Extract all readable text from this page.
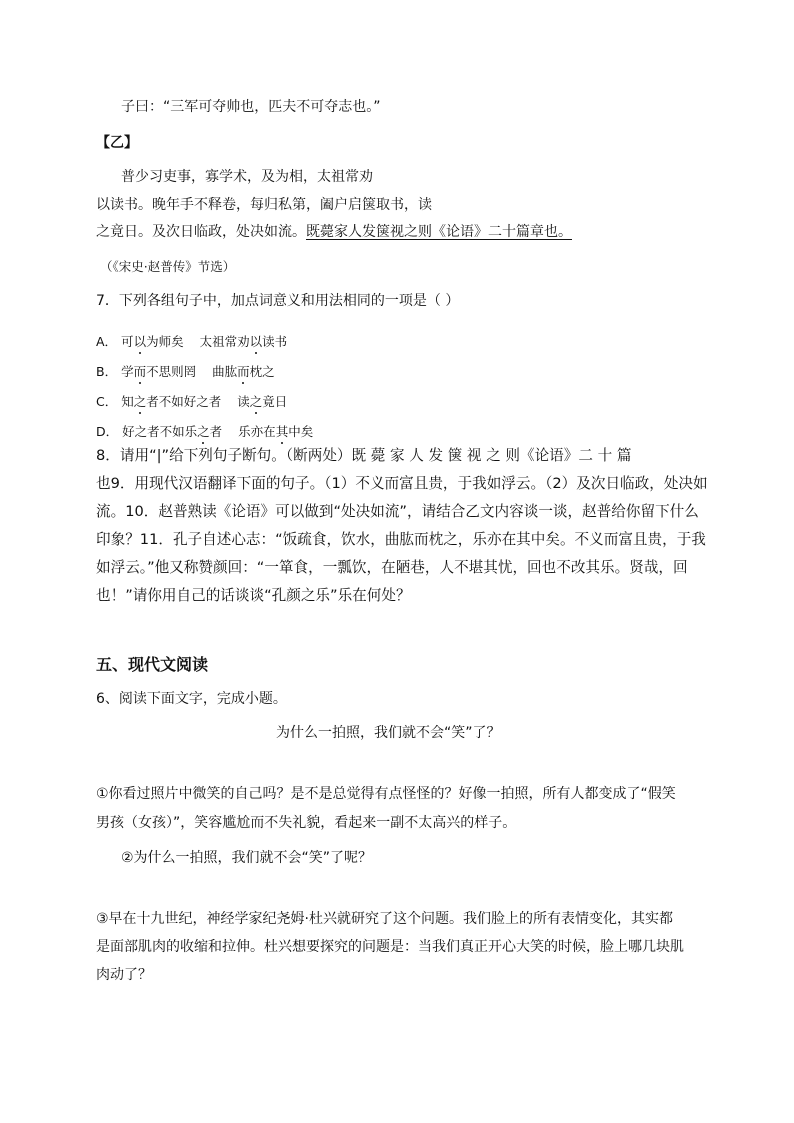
子曰：“三军可夺帅也，匹夫不可夺志也。”

【乙】

普少习吏事，寡学术，及为相，太祖常劝

以读书。晚年手不释卷，每归私第，阖户启箧取书，读

之竟日。及次日临政，处决如流。既薨家人发箧视之则《论语》二十篇章也。

（《宋史·赵普传》节选）

7．下列各组句子中，加点词意义和用法相同的一项是（ ）

A． 可以为师矣 太祖常劝以读书

B． 学而不思则罔 曲肱而枕之

C． 知之者不如好之者 读之竟日

D． 好之者不如乐之者 乐亦在其中矣

8．请用“|”给下列句子断句。（断两处）既 薨 家 人 发 箧 视 之 则《论语》二 十 篇

也9．用现代汉语翻译下面的句子。（1）不义而富且贵，于我如浮云。（2）及次日临政，处决如

流。10．赵普熟读《论语》可以做到“处决如流”，请结合乙文内容谈一谈，赵普给你留下什么

印象？11．孔子自述心志：“饭疏食，饮水，曲肱而枕之，乐亦在其中矣。不义而富且贵，于我

如浮云。”他又称赞颜回：“一箪食，一瓢饮，在陋巷，人不堪其忧，回也不改其乐。贤哉，回

也！”请你用自己的话谈谈“孔颜之乐”乐在何处？

五、现代文阅读

6、阅读下面文字，完成小题。

为什么一拍照，我们就不会“笑”了？

①你看过照片中微笑的自己吗？是不是总觉得有点怪怪的？好像一拍照，所有人都变成了“假笑

男孩（女孩）”，笑容尴尬而不失礼貌，看起来一副不太高兴的样子。

②为什么一拍照，我们就不会“笑”了呢？

③早在十九世纪，神经学家纪尧姆·杜兴就研究了这个问题。我们脸上的所有表情变化，其实都

是面部肌肉的收缩和拉伸。杜兴想要探究的问题是：当我们真正开心大笑的时候，脸上哪几块肌

肉动了？
